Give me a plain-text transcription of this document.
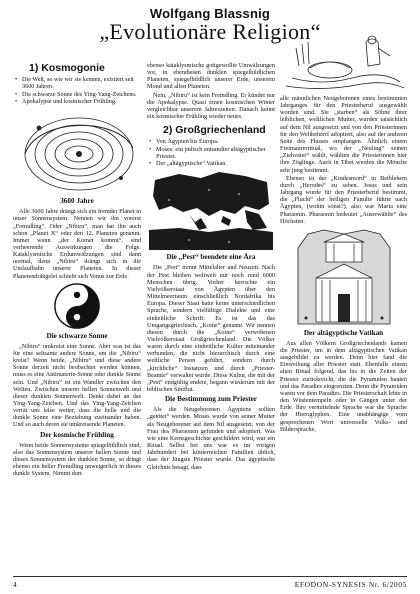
Wolfgang Blassnig
„Evolutionäre Religion“
1) Kosmogonie
• Die Welt, so wie wir sie kennen, existiert seit 3600 Jahren.
• Die schwarze Sonne des Ying-Yang-Zeichens.
• Apokalypse und kosmischer Frühling.
3600 Jahre
Alle 3600 Jahre drängt sich ein fremder Planet in unser Sonnensystem. Nennen wir ihn vorerst „Fremdling“. Oder „Nibiru“, man hat ihn auch schon „Planet X“ oder den 12. Planeten genannt. Immer wenn „der Komet kommt“, sind verheerende Auswirkungen die Folge. Kataklysmische Erdumwälzungen sind dann normal, denn „Nibiru“ drängt sich in die Umlaufbahn unserer Planeten. In dieser Planetendrängelei schiebt sich Venus zur Erde.
Die schwarze Sonne
„Nibiru“ umkreist eine Sonne. Aber was ist das für eine seltsame andere Sonne, um die „Nibiru“ kreist? Wenn beide, „Nibiru“ und diese andere Sonne derzeit nicht beobachtet werden können, muss es eine Antimaterie-Sonne oder dunkle Sonne sein. Und „Nibiru“ ist ein Wandler zwischen den Welten. Zwischen unserer hellen Sonnenwelt und dieser dunklen Sonnenwelt. Denkt dabei an das Ying-Yang-Zeichen. Und das Ying-Yang-Zeichen verrät uns leise weiter, dass die helle und die dunkle Sonne eine Beziehung zueinander haben. Und so auch deren sie umkreisende Planeten.
Der kosmische Frühling
Wenn beide Sonnensysteme spiegelbildlich sind, also das Sonnensystem unserer hellen Sonne und dieses Sonnensystem der dunklen Sonne, so dringt ebenso ein heller Fremdling unweigerlich in dieses dunkle System. Nimmt dort
ebenso kataklysmische gottgewollte Umwälzungen vor, in ebendiesen dunklen spiegelbildlichen Planeten, spiegelbildlich unserer Erde, unserem Mond und allen Planeten.
Nein, „Nibiru“ ist kein Fremdling. Er kündet nur die Apokalypse. Quasi einen kosmischen Winter vergleichbar unserem Jahreszeiten. Danach keimt ein kosmischer Frühling wieder neues.
2) Großgriechenland
• Von Ägypten bis Europa.
• Moses: ein jüdisch entsandter altägyptischer Priester.
• Der „altägyptische“ Vatikan.
Die „Pest“ beendete eine Ära
Die „Pest“ trennt Mittelalter und Neuzeit. Nach der Pest bleiben weltweit nur noch rund 6000 Menschen übrig. Vorher herrschte ein Vielvölkerstaat von Ägypten über den Mittelmeerraum einschließlich Nordafrika bis Europa. Dieser Staat hatte keine unterschiedlichen Sprache, sondern vielfältige Dialekte und eine einheitliche Schrift: Es ist das das Umgangsgriechisch, „Koine“ genannt. Wir nennen diesen durch die „Koine“ verwobenen Vielvölkerstaat Großgriechenland. Die Völker waren durch eine einheitliche Kultur miteinander verbunden, die nicht hierarchisch durch eine weltliche Person geführt, sondern durch „kirchliche“ Instanzen und durch „Priester-Beamte“ verwaltet wurde. Diese Kultur, die mit der „Pest“ endgültig endete, begann wiederum mit der biblischen Sintflut.
Die Bestimmung zum Priester
Als die Neugeborenen Ägyptens sollten „getötet“ werden. Moses wurde von seiner Mutter als Neugeborener auf dem Nil ausgesetzt, von der Frau des Pharaonen gefunden und adoptiert. Was wie eine Kernsgeschichte geschildert wird, war ein Ritual. Selbst bei uns war es im vorigen Jahrhundert bei kinderreichen Familien üblich, dass der Jüngste Priester wurde. Das ägyptische Gleichnis besagt, dass
alle männlichen Neugeborenen eines bestimmten Jahrganges für den Priesterberuf ausgewählt worden sind. Sie „starben“ als Söhne ihrer leiblichen, weltlichen Mutter, wurden tatsächlich auf dem Nil ausgesetzt und von den Priesterinnen für den Weltbeherrf adoptiert, also auf der anderen Seite des Flusses empfangen. Ähnlich einem Freimaurerritual, wo der „Neuling“ seinen „Ziehvater“ wählt, wählten die Priesterinnen hier ihre Zöglinge. Auch in Tibet werden die Mönche sehr jung bestimmt.
Ebenso ist der „Kindesmord“ in Bethlehem durch „Herodes“ zu sehen. Jesus und sein Jahrgang wurde für den Priesterberuf bestimmt, die „Flucht“ der heiligen Familie führte nach Ägypten, (wohin sonst?), also war Maria eine Pharaonin. Pharaonin bedeutet „Auserwählte“ des Höchsten.
Der altägyptische Vatikan
Aus allen Völkern Großgriechenlands kamen die Priester, um in dem altägyptischen Vatikan ausgebildet zu werden. Denn hier fand die Einweihung aller Priester statt. Ebenfalls einem alten Ritual folgend, das bis in die Zeiten der Priester zurückreicht, die die Pyramiden bauten und das Paradies eingrenzten. Denn die Pyramiden waren vor dem Paradies. Die Priesterschaft lebte in den Wüstentempeln oder in Gängen unter der Erde. Ihre vermittelnde Sprache war die Sprache der Hieroglyphen. Eine unabhängige vom gesprochenen Wort universelle Volks- und Bildersprache,
4	EFODON-SYNESIS Nr. 6/2005
